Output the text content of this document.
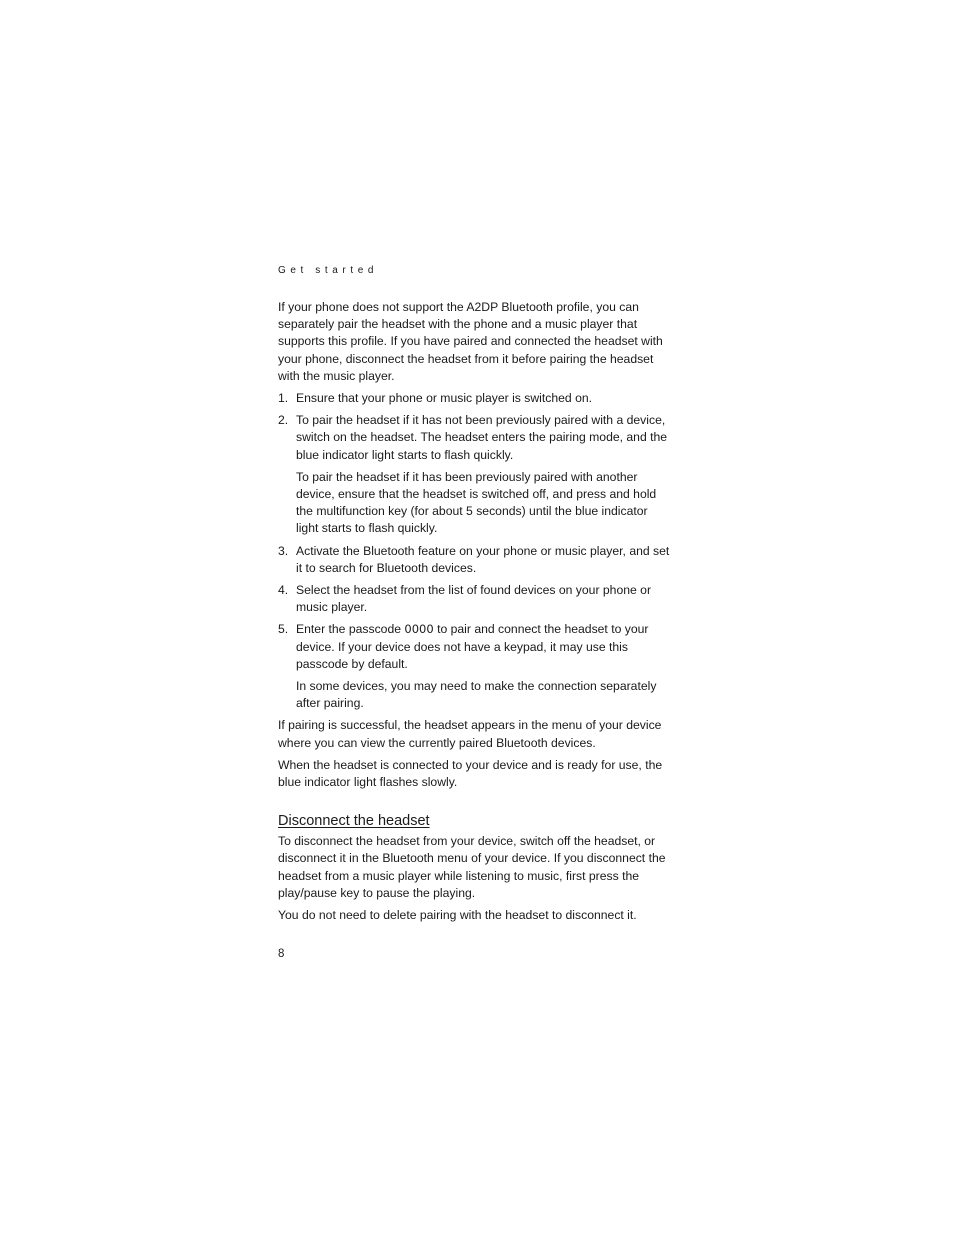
Get started

If your phone does not support the A2DP Bluetooth profile, you can separately pair the headset with the phone and a music player that supports this profile. If you have paired and connected the headset with your phone, disconnect the headset from it before pairing the headset with the music player.

1. Ensure that your phone or music player is switched on.

2. To pair the headset if it has not been previously paired with a device, switch on the headset. The headset enters the pairing mode, and the blue indicator light starts to flash quickly.

To pair the headset if it has been previously paired with another device, ensure that the headset is switched off, and press and hold the multifunction key (for about 5 seconds) until the blue indicator light starts to flash quickly.

3. Activate the Bluetooth feature on your phone or music player, and set it to search for Bluetooth devices.

4. Select the headset from the list of found devices on your phone or music player.

5. Enter the passcode 0000 to pair and connect the headset to your device. If your device does not have a keypad, it may use this passcode by default.

In some devices, you may need to make the connection separately after pairing.

If pairing is successful, the headset appears in the menu of your device where you can view the currently paired Bluetooth devices.

When the headset is connected to your device and is ready for use, the blue indicator light flashes slowly.

Disconnect the headset

To disconnect the headset from your device, switch off the headset, or disconnect it in the Bluetooth menu of your device. If you disconnect the headset from a music player while listening to music, first press the play/pause key to pause the playing.

You do not need to delete pairing with the headset to disconnect it.

8
